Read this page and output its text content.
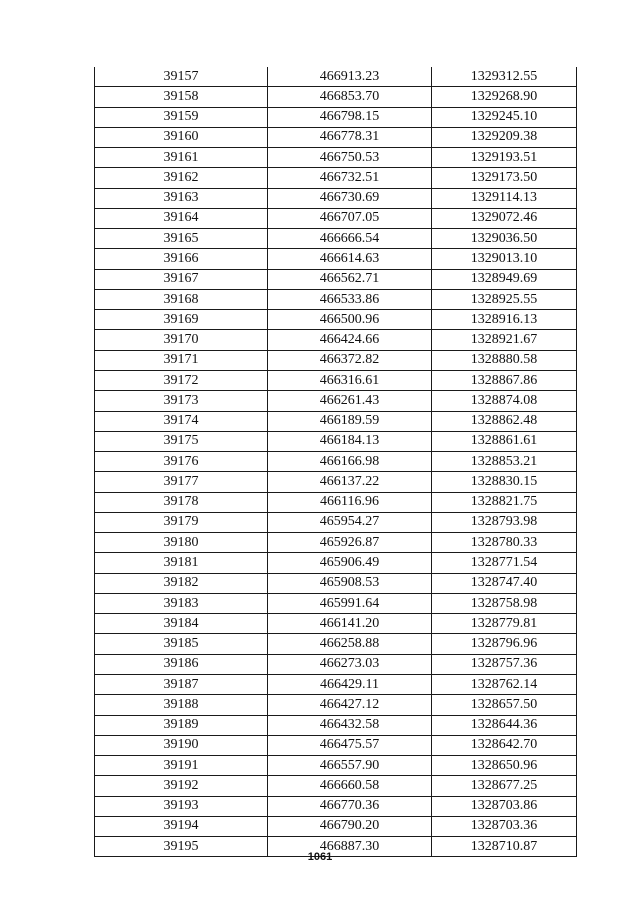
39157	466913.23	1329312.55
39158	466853.70	1329268.90
39159	466798.15	1329245.10
39160	466778.31	1329209.38
39161	466750.53	1329193.51
39162	466732.51	1329173.50
39163	466730.69	1329114.13
39164	466707.05	1329072.46
39165	466666.54	1329036.50
39166	466614.63	1329013.10
39167	466562.71	1328949.69
39168	466533.86	1328925.55
39169	466500.96	1328916.13
39170	466424.66	1328921.67
39171	466372.82	1328880.58
39172	466316.61	1328867.86
39173	466261.43	1328874.08
39174	466189.59	1328862.48
39175	466184.13	1328861.61
39176	466166.98	1328853.21
39177	466137.22	1328830.15
39178	466116.96	1328821.75
39179	465954.27	1328793.98
39180	465926.87	1328780.33
39181	465906.49	1328771.54
39182	465908.53	1328747.40
39183	465991.64	1328758.98
39184	466141.20	1328779.81
39185	466258.88	1328796.96
39186	466273.03	1328757.36
39187	466429.11	1328762.14
39188	466427.12	1328657.50
39189	466432.58	1328644.36
39190	466475.57	1328642.70
39191	466557.90	1328650.96
39192	466660.58	1328677.25
39193	466770.36	1328703.86
39194	466790.20	1328703.36
39195	466887.30	1328710.87
1061
